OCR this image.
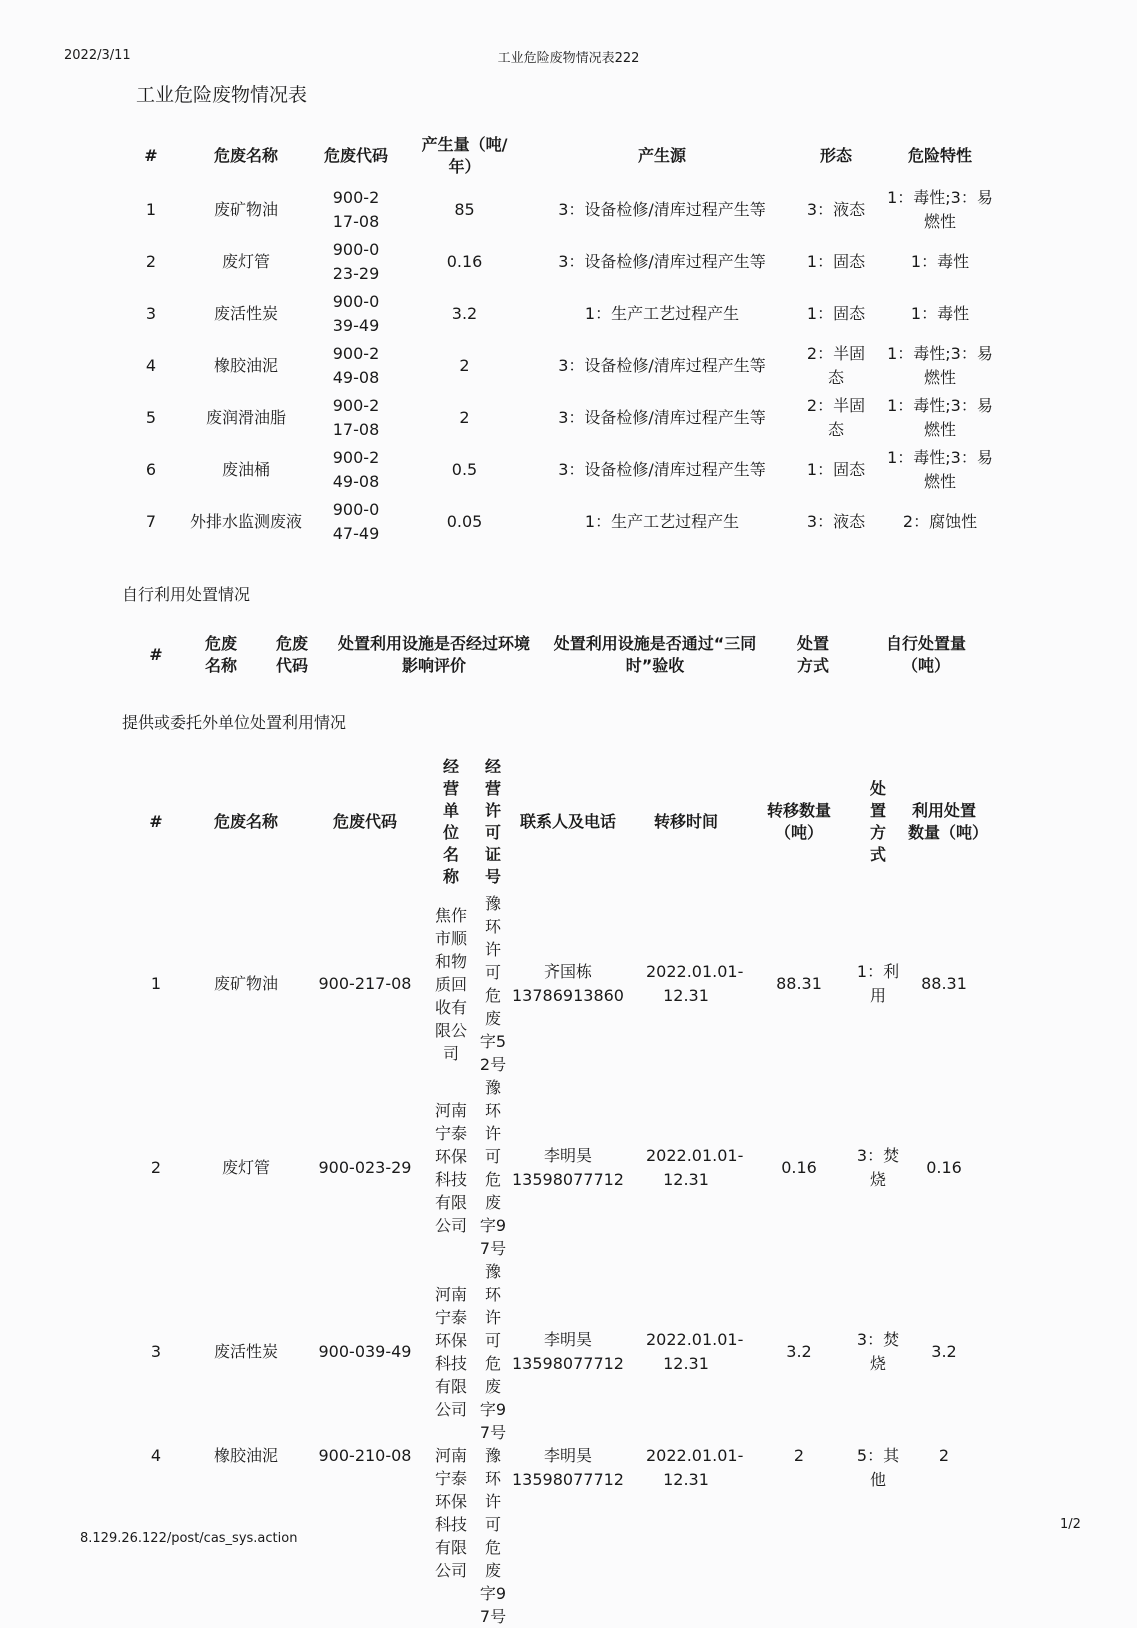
2022/3/11	工业危险废物情况表222
工业危险废物情况表
#	危废名称	危废代码	产生量（吨/年）	产生源	形态	危险特性
1	废矿物油	900-217-08	85	3：设备检修/清库过程产生等	3：液态	1：毒性;3：易燃性
2	废灯管	900-023-29	0.16	3：设备检修/清库过程产生等	1：固态	1：毒性
3	废活性炭	900-039-49	3.2	1：生产工艺过程产生	1：固态	1：毒性
4	橡胶油泥	900-249-08	2	3：设备检修/清库过程产生等	2：半固态	1：毒性;3：易燃性
5	废润滑油脂	900-217-08	2	3：设备检修/清库过程产生等	2：半固态	1：毒性;3：易燃性
6	废油桶	900-249-08	0.5	3：设备检修/清库过程产生等	1：固态	1：毒性;3：易燃性
7	外排水监测废液	900-047-49	0.05	1：生产工艺过程产生	3：液态	2：腐蚀性
自行利用处置情况
#	危废名称	危废代码	处置利用设施是否经过环境影响评价	处置利用设施是否通过“三同时”验收	处置方式	自行处置量（吨）
提供或委托外单位处置利用情况
#	危废名称	危废代码	经营单位名称	经营许可证号	联系人及电话	转移时间	转移数量（吨）	处置方式	利用处置数量（吨）
1	废矿物油	900-217-08	焦作市顺和物质回收有限公司	豫环许可危废字52号	齐国栋 13786913860	2022.01.01-12.31	88.31	1：利用	88.31
2	废灯管	900-023-29	河南宁泰环保科技有限公司	豫环许可危废字97号	李明昊 13598077712	2022.01.01-12.31	0.16	3：焚烧	0.16
3	废活性炭	900-039-49	河南宁泰环保科技有限公司	豫环许可危废字97号	李明昊 13598077712	2022.01.01-12.31	3.2	3：焚烧	3.2
4	橡胶油泥	900-210-08	河南宁泰环保科技有限公司	豫环许可危废字97号	李明昊 13598077712	2022.01.01-12.31	2	5：其他	2
8.129.26.122/post/cas_sys.action
1/2
